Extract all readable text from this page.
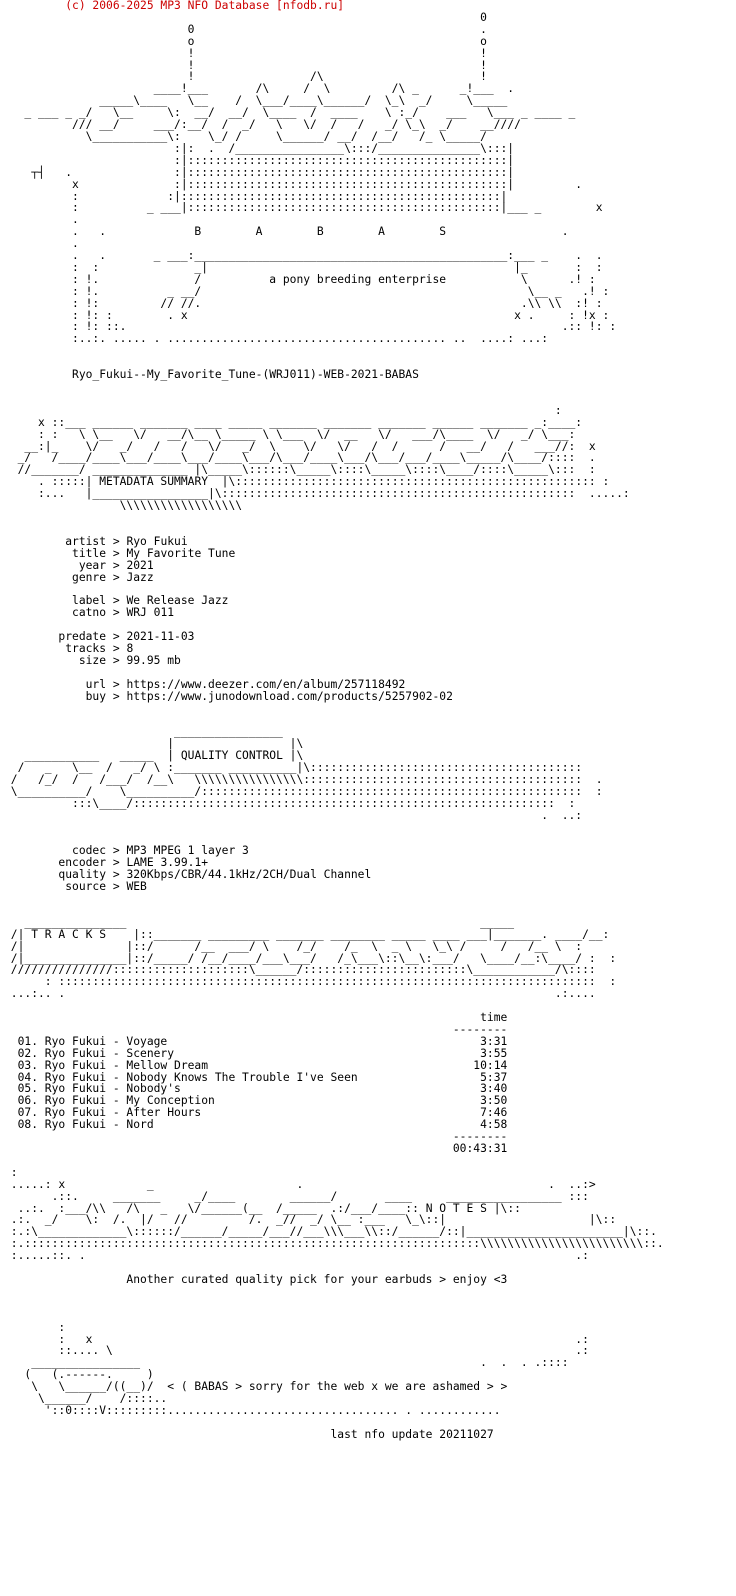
(c) 2006-2025 MP3 NFO Database [nfodb.ru]
0
0                                          .
o                                          o
!                                          !
!                                          !
!                 /\                       !
____!___       /\     /  \         /\ _      _!___  .
_____\____   \__    /  \___/____\______/  \_\  _/     \_____
_ ___ _ _/   \__     \:  __/  __/  \____  /  ____    \ :_/    ___   \___ _ ____ _
/// __/     ___/:__/  /  _/   \   \/  /   /   _/ \_\  _/    __////
\___________\:    \_/ /     \______/ __/  /__/   /_ \_____/
:|:  .  /________________\:::/_______________\:::|
:|:::::::::::::::::::::::::::::::::::::::::::::::|
┬┤   .               :|:::::::::::::::::::::::::::::::::::::::::::::::|
x              :|:::::::::::::::::::::::::::::::::::::::::::::::|         .
:             :|:::::::::::::::::::::::::::::::::::::::::::::::|
:          _ ___|::::::::::::::::::::::::::::::::::::::::::::::|___ _        x
.
.   .             B        A        B        A        S                 .
.
.   .       _ ___:______________________________________________:___ _    .  .
:  :              _|                                             |_       :  :
: !.              /          a pony breeding enterprise           \      .! :
: !.          _ __/                                                \__ _   .! :
: !:         // //.                                               .\\ \\  :! :
: !: :        . x                                                x .     : !x :
: !: ::.                                                                .:: !: :
:..:. ..... . ......................................... ..  ....: ...:

Ryo_Fukui--My_Favorite_Tune-(WRJ011)-WEB-2021-BABAS

:
x ::___ ______ _______ ____ _____ _______ _______ _______ ______ _______ _:____:
: :   \ \__   \/   __/\__ \_____ \ \___  \/  __   \/   ___/\____  \/   _/ \___:
__:|_    \/   _/   /   /   \/   _/  \    \/   \/   /  /      /   __/   /   ___//:  x
_/   /____/____\___/____\___/____\___/\___/____\___/\___/___/____\_____/\____/::::  .
//_______/ ______________ |\_____\::::::\_____\::::\_____\::::\____/::::\_____\:::  :
. :::::| METADATA SUMMARY  |\::::::::::::::::::::::::::::::::::::::::::::::::::::: :
:...   |_________________|\::::::::::::::::::::::::::::::::::::::::::::::::::::  .....:
\\\\\\\\\\\\\\\\\\

artist > Ryo Fukui
title > My Favorite Tune
year > 2021
genre > Jazz

label > We Release Jazz
catno > WRJ 011

predate > 2021-11-03
tracks > 8
size > 99.95 mb

url > https://www.deezer.com/en/album/257118492
buy > https://www.junodownload.com/products/5257902-02

________________
|                 |\
___________   _____  | QUALITY CONTROL |\
/   _   \__  /   _/ \ :_______ __________|\::::::::::::::::::::::::::::::::::::::::
/   /_/  /   /___/  /__\   \\\\\\\\\\\\\\\\:::::::::::::::::::::::::::::::::::::::::  .
\__________/    \__________/::::::::::::::::::::::::::::::::::::::::::::::::::::::::  :
:::\____/::::::::::::::::::::::::::::::::::::::::::::::::::::::::::::::  :
.  ..:

codec > MP3 MPEG 1 layer 3
encoder > LAME 3.99.1+
quality > 320Kbps/CBR/44.1kHz/2CH/Dual Channel
source > WEB

_______________                                                    _____
/| T R A C K S    |::_______ _________ _______ ________ _____ ____ ___|_______. ____/__:
/|               |::/      /__  ___/ \    /_/    /_  \  _ \   \_\ /     /   /__ \  :
/|_______________|::/_____/ /__/____/___\___/   /_\___\::\__\:___/   \____/__:\____/ :  :
///////////////::::::::::::::::::::\______/::::::::::::::::::::::::\____________/\::::
: :::::::::::::::::::::::::::::::::::::::::::::::::::::::::::::::::::::::::::::::  :
...:.. .                                                                        .:....

time
--------
01. Ryo Fukui - Voyage                                              3:31
02. Ryo Fukui - Scenery                                             3:55
03. Ryo Fukui - Mellow Dream                                       10:14
04. Ryo Fukui - Nobody Knows The Trouble I've Seen                  5:37
05. Ryo Fukui - Nobody's                                            3:40
06. Ryo Fukui - My Conception                                       3:50
07. Ryo Fukui - After Hours                                         7:46
08. Ryo Fukui - Nord                                                4:58
--------
00:43:31

:
.....: x            _                     .                                    .  ..:>
.::.     _______     _/____        ______/       ____     _________________ :::
..:.  :___/\\   /\   _   \/______(__  /_____  .:/___/____:: N O T E S |\::
.:.  _/    \:  /.  |/   //         /.  _//  _/ \__ :___   \_\::|                     |\::
:.:\_____________\::::::/______/_____/___//___\\\___\\::/______/::|_______________________|\::.
:.:::::::::::::::::::::::::::::::::::::::::::::::::::::::::::::::::::\\\\\\\\\\\\\\\\\\\\\\\\::.
:.....::. .                                                                        .:

Another curated quality pick for your earbuds > enjoy <3

:
:   x                                                                       .:
::.... \                                                                    .:
________________                                                  .  .  . .::::
(   (.------.     )
\   \______/((__)/  < ( BABAS > sorry for the web x we are ashamed > >
\______/    /::::..
'::0::::V:::::::::.................................. . ............

last nfo update 20211027
